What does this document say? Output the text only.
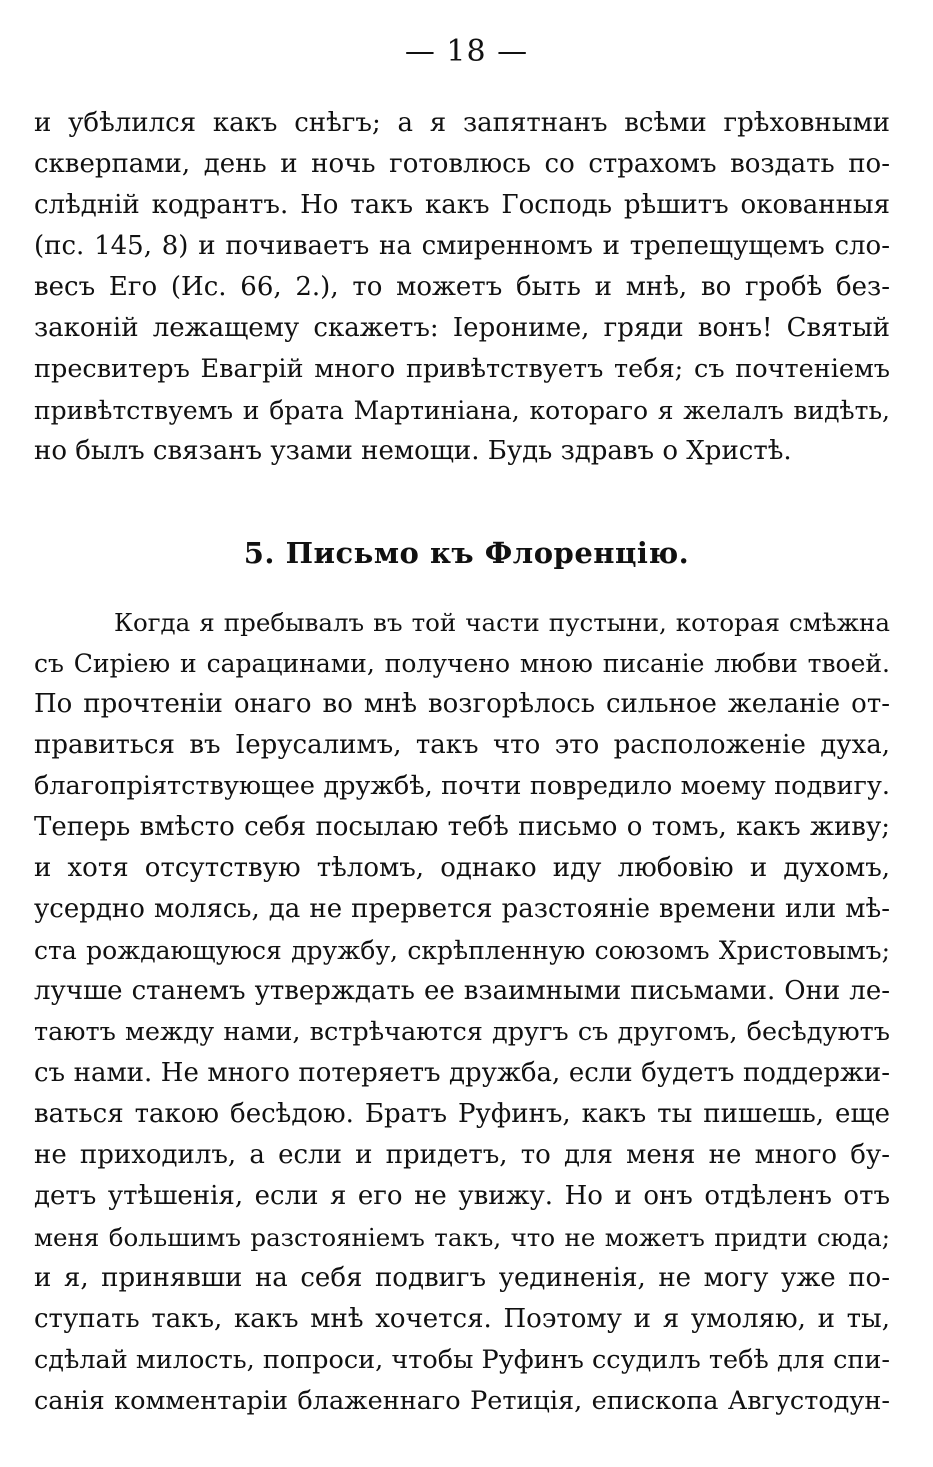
— 18 —
и убѣлился какъ снѣгъ; а я запятнанъ всѣми грѣховными
скверпами, день и ночь готовлюсь со страхомъ воздать по-
слѣднiй кодрантъ. Но такъ какъ Господь рѣшитъ окованныя
(пс. 145, 8) и почиваетъ на смиренномъ и трепещущемъ сло-
весъ Его (Ис. 66, 2.), то можетъ быть и мнѣ, во гробѣ без-
законiй лежащему скажетъ: Iерониме, гряди вонъ! Святый
пресвитеръ Евагрiй много привѣтствуетъ тебя; съ почтенiемъ
привѣтствуемъ и брата Мартинiана, котораго я желалъ видѣть,
но былъ связанъ узами немощи. Будь здравъ о Христѣ.
5. Письмо къ Флоренцiю.
Когда я пребывалъ въ той части пустыни, которая смѣжна
съ Сирiею и сарацинами, получено мною писанiе любви твоей.
По прочтенiи онаго во мнѣ возгорѣлось сильное желанiе от-
правиться въ Iерусалимъ, такъ что это расположенiе духа,
благопрiятствующее дружбѣ, почти повредило моему подвигу.
Теперь вмѣсто себя посылаю тебѣ письмо о томъ, какъ живу;
и хотя отсутствую тѣломъ, однако иду любовiю и духомъ,
усердно молясь, да не прервется разстоянiе времени или мѣ-
ста рождающуюся дружбу, скрѣпленную союзомъ Христовымъ;
лучше станемъ утверждать ее взаимными письмами. Они ле-
таютъ между нами, встрѣчаются другъ съ другомъ, бесѣдуютъ
съ нами. Не много потеряетъ дружба, если будетъ поддержи-
ваться такою бесѣдою. Братъ Руфинъ, какъ ты пишешь, еще
не приходилъ, а если и придетъ, то для меня не много бу-
детъ утѣшенiя, если я его не увижу. Но и онъ отдѣленъ отъ
меня большимъ разстоянiемъ такъ, что не можетъ придти сюда;
и я, принявши на себя подвигъ уединенiя, не могу уже по-
ступать такъ, какъ мнѣ хочется. Поэтому и я умоляю, и ты,
сдѣлай милость, попроси, чтобы Руфинъ ссудилъ тебѣ для спи-
санiя комментарiи блаженнаго Ретицiя, епископа Августодун-
